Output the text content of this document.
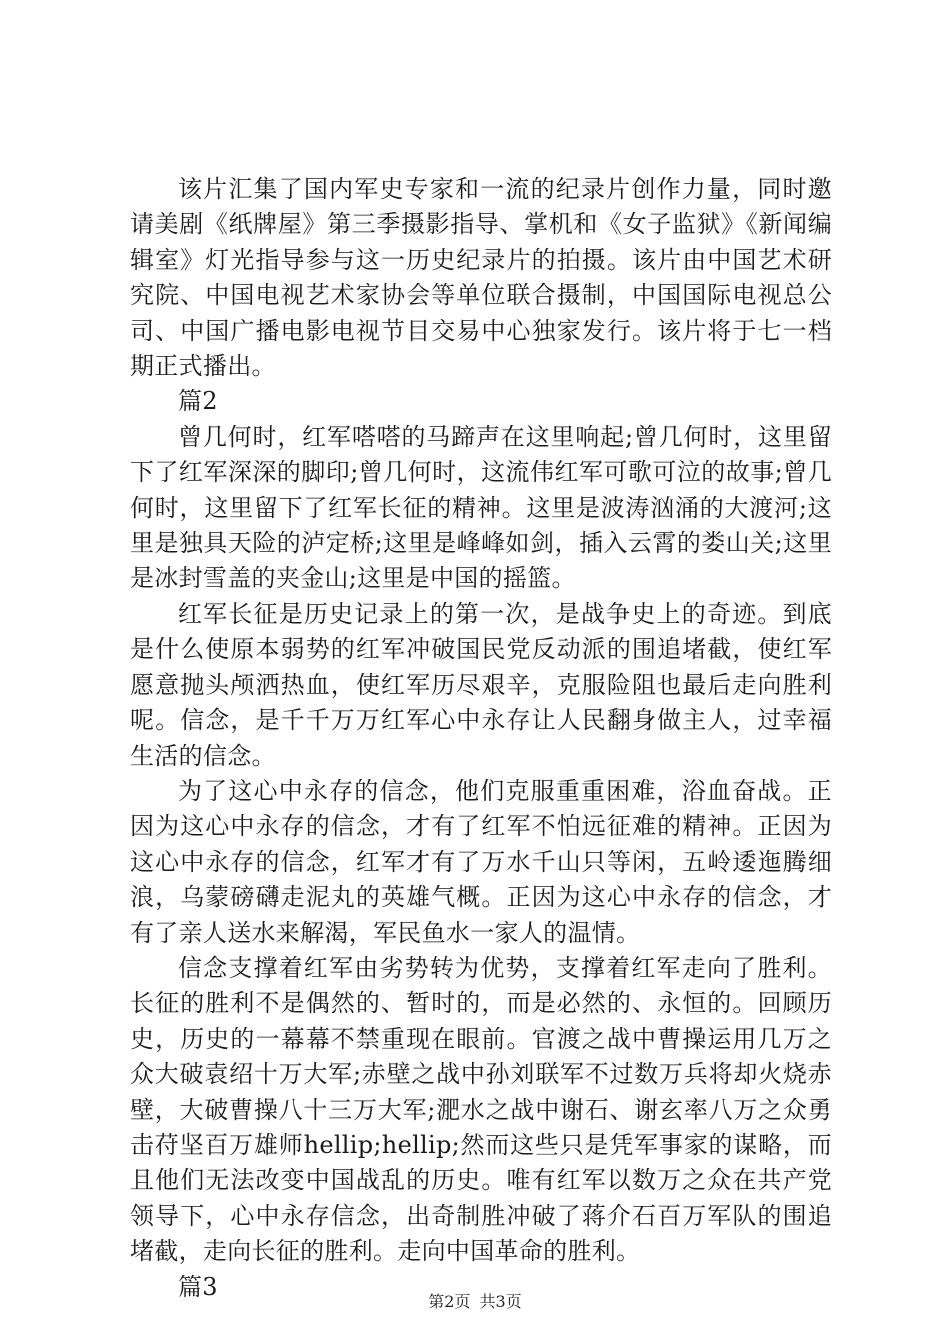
该片汇集了国内军史专家和一流的纪录片创作力量，同时邀请美剧《纸牌屋》第三季摄影指导、掌机和《女子监狱》《新闻编辑室》灯光指导参与这一历史纪录片的拍摄。该片由中国艺术研究院、中国电视艺术家协会等单位联合摄制，中国国际电视总公司、中国广播电影电视节目交易中心独家发行。该片将于七一档期正式播出。

篇2

曾几何时，红军嗒嗒的马蹄声在这里响起;曾几何时，这里留下了红军深深的脚印;曾几何时，这流伟红军可歌可泣的故事;曾几何时，这里留下了红军长征的精神。这里是波涛汹涌的大渡河;这里是独具天险的泸定桥;这里是峰峰如剑，插入云霄的娄山关;这里是冰封雪盖的夹金山;这里是中国的摇篮。

红军长征是历史记录上的第一次，是战争史上的奇迹。到底是什么使原本弱势的红军冲破国民党反动派的围追堵截，使红军愿意抛头颅洒热血，使红军历尽艰辛，克服险阻也最后走向胜利呢。信念，是千千万万红军心中永存让人民翻身做主人，过幸福生活的信念。

为了这心中永存的信念，他们克服重重困难，浴血奋战。正因为这心中永存的信念，才有了红军不怕远征难的精神。正因为这心中永存的信念，红军才有了万水千山只等闲，五岭逶迤腾细浪，乌蒙磅礴走泥丸的英雄气概。正因为这心中永存的信念，才有了亲人送水来解渴，军民鱼水一家人的温情。

信念支撑着红军由劣势转为优势，支撑着红军走向了胜利。长征的胜利不是偶然的、暂时的，而是必然的、永恒的。回顾历史，历史的一幕幕不禁重现在眼前。官渡之战中曹操运用几万之众大破袁绍十万大军;赤壁之战中孙刘联军不过数万兵将却火烧赤壁，大破曹操八十三万大军;淝水之战中谢石、谢玄率八万之众勇击苻坚百万雄师hellip;hellip;然而这些只是凭军事家的谋略，而且他们无法改变中国战乱的历史。唯有红军以数万之众在共产党领导下，心中永存信念，出奇制胜冲破了蒋介石百万军队的围追堵截，走向长征的胜利。走向中国革命的胜利。

篇3

第2页 共3页
